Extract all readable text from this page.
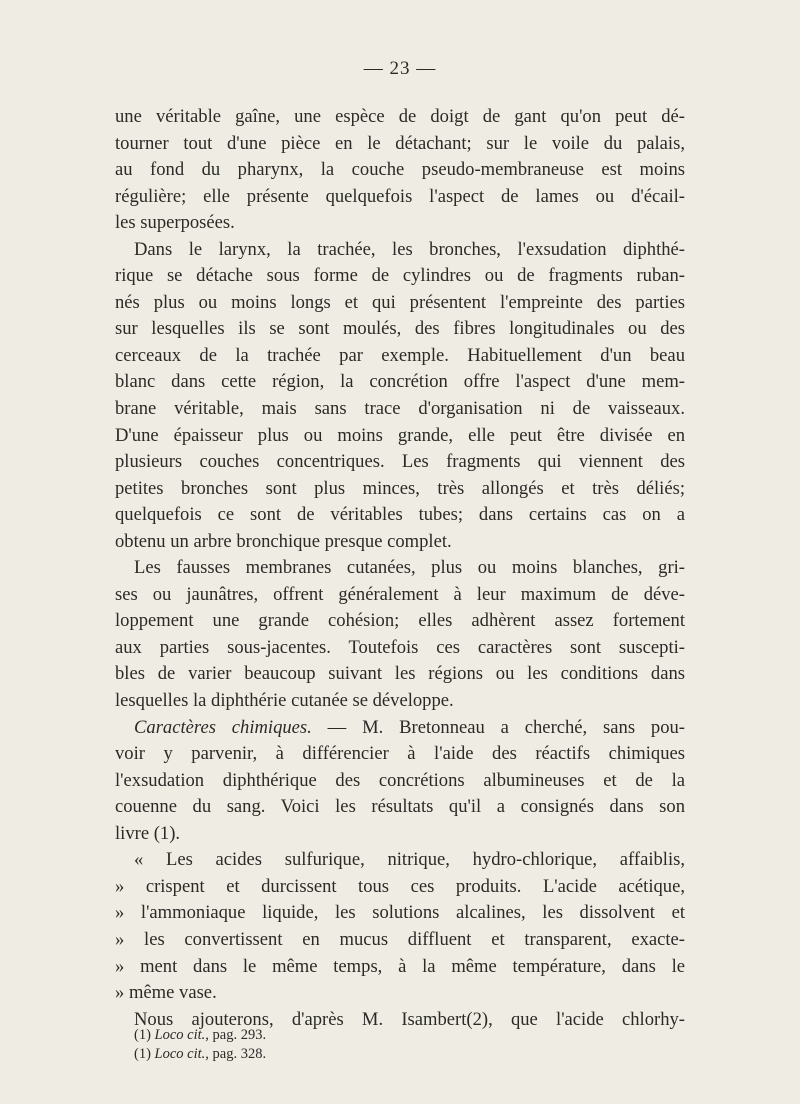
— 23 —
une véritable gaîne, une espèce de doigt de gant qu'on peut dé-
tourner tout d'une pièce en le détachant; sur le voile du palais,
au fond du pharynx, la couche pseudo-membraneuse est moins
régulière; elle présente quelquefois l'aspect de lames ou d'écail-
les superposées.
Dans le larynx, la trachée, les bronches, l'exsudation diphthé-
rique se détache sous forme de cylindres ou de fragments ruban-
nés plus ou moins longs et qui présentent l'empreinte des parties
sur lesquelles ils se sont moulés, des fibres longitudinales ou des
cerceaux de la trachée par exemple. Habituellement d'un beau
blanc dans cette région, la concrétion offre l'aspect d'une mem-
brane véritable, mais sans trace d'organisation ni de vaisseaux.
D'une épaisseur plus ou moins grande, elle peut être divisée en
plusieurs couches concentriques. Les fragments qui viennent des
petites bronches sont plus minces, très allongés et très déliés;
quelquefois ce sont de véritables tubes; dans certains cas on a
obtenu un arbre bronchique presque complet.
Les fausses membranes cutanées, plus ou moins blanches, gri-
ses ou jaunâtres, offrent généralement à leur maximum de déve-
loppement une grande cohésion; elles adhèrent assez fortement
aux parties sous-jacentes. Toutefois ces caractères sont suscepti-
bles de varier beaucoup suivant les régions ou les conditions dans
lesquelles la diphthérie cutanée se développe.
Caractères chimiques. — M. Bretonneau a cherché, sans pou-
voir y parvenir, à différencier à l'aide des réactifs chimiques
l'exsudation diphthérique des concrétions albumineuses et de la
couenne du sang. Voici les résultats qu'il a consignés dans son
livre (1).
« Les acides sulfurique, nitrique, hydro-chlorique, affaiblis,
» crispent et durcissent tous ces produits. L'acide acétique,
» l'ammoniaque liquide, les solutions alcalines, les dissolvent et
» les convertissent en mucus diffluent et transparent, exacte-
» ment dans le même temps, à la même température, dans le
» même vase.
Nous ajouterons, d'après M. Isambert(2), que l'acide chlorhy-
(1) Loco cit., pag. 293.
(1) Loco cit., pag. 328.
